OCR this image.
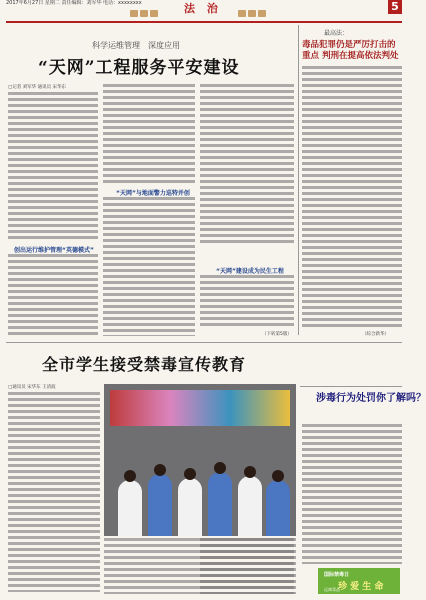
2017年6月27日 星期二 责任编辑：刘军华 电话：xxxxxxxx	法 治	5
科学运维管理　深度应用
“天网”工程服务平安建设
□记者 刘军华 通讯员 宋华东
创出运行维护管理“英德模式”
“天网”与地面警力巡特并创
“天网”建设成为民生工程
（下转第5版）
最高法：
毒品犯罪仍是严厉打击的重点 判刑在提高依法判处
（综合新华）
全市学生接受禁毒宣传教育
□通讯员 宋华东 王清波
涉毒行为处罚你了解吗？
国际禁毒日
珍 爱 生 命
远离毒品
